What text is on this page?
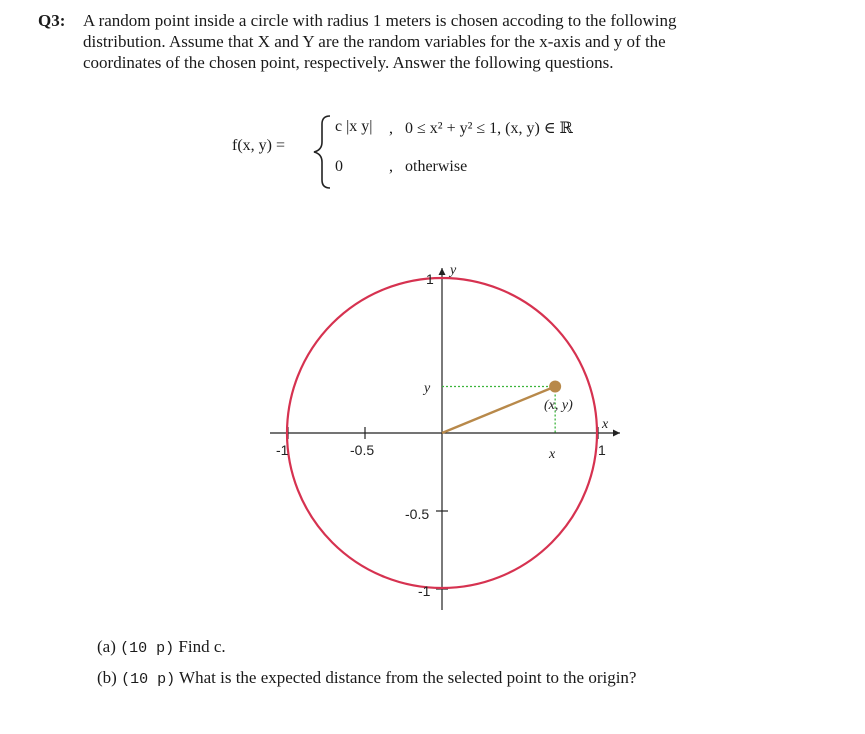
Q3: A random point inside a circle with radius 1 meters is chosen accoding to the following
distribution. Assume that X and Y are the random variables for the x-axis and y of the
coordinates of the chosen point, respectively. Answer the following questions.
f(x, y) =
c |x y| , 0 ≤ x² + y² ≤ 1, (x, y) ∈ ℝ
0	, otherwise
y
x
(x, y)
y
x
1
-1
-1	1
-0.5
-0.5
(a) (10 p) Find c.
(b) (10 p) What is the expected distance from the selected point to the origin?
